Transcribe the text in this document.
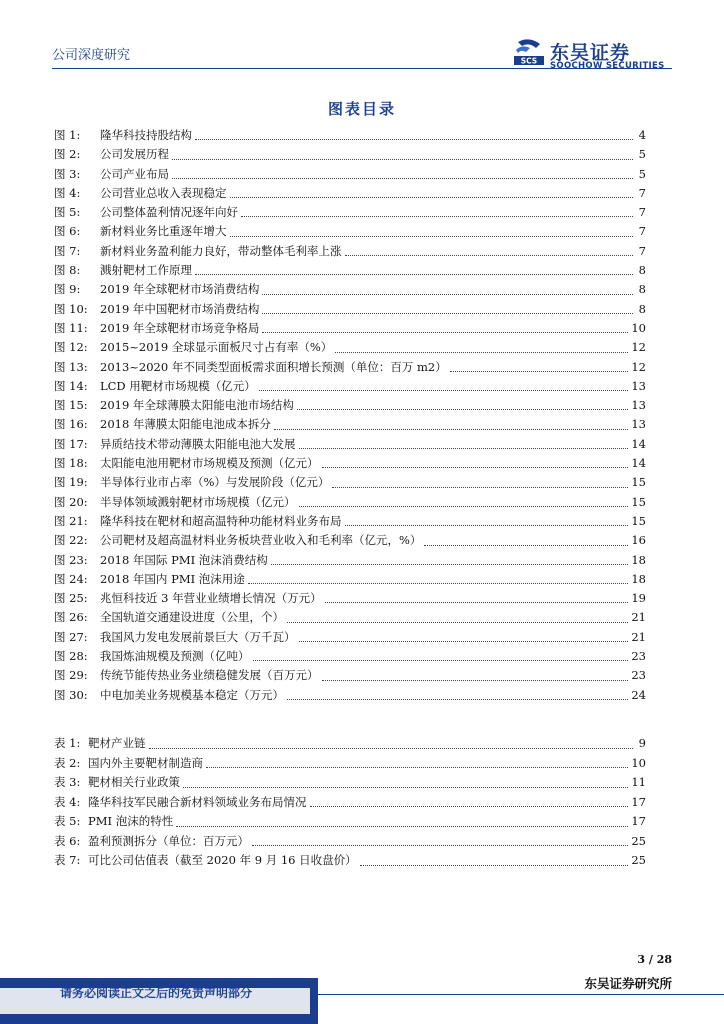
公司深度研究	SCS 东吴证券
SOOCHOW SECURITIES
图表目录
图 1:	隆华科技持股结构	4
图 2:	公司发展历程	5
图 3:	公司产业布局	5
图 4:	公司营业总收入表现稳定	7
图 5:	公司整体盈利情况逐年向好	7
图 6:	新材料业务比重逐年增大	7
图 7:	新材料业务盈利能力良好，带动整体毛利率上涨	7
图 8:	溅射靶材工作原理	8
图 9:	2019 年全球靶材市场消费结构	8
图 10:	2019 年中国靶材市场消费结构	8
图 11:	2019 年全球靶材市场竞争格局	10
图 12:	2015~2019 全球显示面板尺寸占有率（%）	12
图 13:	2013~2020 年不同类型面板需求面积增长预测（单位：百万 m2）	12
图 14:	LCD 用靶材市场规模（亿元）	13
图 15:	2019 年全球薄膜太阳能电池市场结构	13
图 16:	2018 年薄膜太阳能电池成本拆分	13
图 17:	异质结技术带动薄膜太阳能电池大发展	14
图 18:	太阳能电池用靶材市场规模及预测（亿元）	14
图 19:	半导体行业市占率（%）与发展阶段（亿元）	15
图 20:	半导体领域溅射靶材市场规模（亿元）	15
图 21:	隆华科技在靶材和超高温特种功能材料业务布局	15
图 22:	公司靶材及超高温材料业务板块营业收入和毛利率（亿元，%）	16
图 23:	2018 年国际 PMI 泡沫消费结构	18
图 24:	2018 年国内 PMI 泡沫用途	18
图 25:	兆恒科技近 3 年营业业绩增长情况（万元）	19
图 26:	全国轨道交通建设进度（公里，个）	21
图 27:	我国风力发电发展前景巨大（万千瓦）	21
图 28:	我国炼油规模及预测（亿吨）	23
图 29:	传统节能传热业务业绩稳健发展（百万元）	23
图 30:	中电加美业务规模基本稳定（万元）	24
表 1: 靶材产业链	9
表 2: 国内外主要靶材制造商	10
表 3: 靶材相关行业政策	11
表 4: 隆华科技军民融合新材料领域业务布局情况	17
表 5: PMI 泡沫的特性	17
表 6: 盈利预测拆分（单位：百万元）	25
表 7: 可比公司估值表（截至 2020 年 9 月 16 日收盘价）	25
3 / 28
请务必阅读正文之后的免责声明部分
东吴证券研究所
